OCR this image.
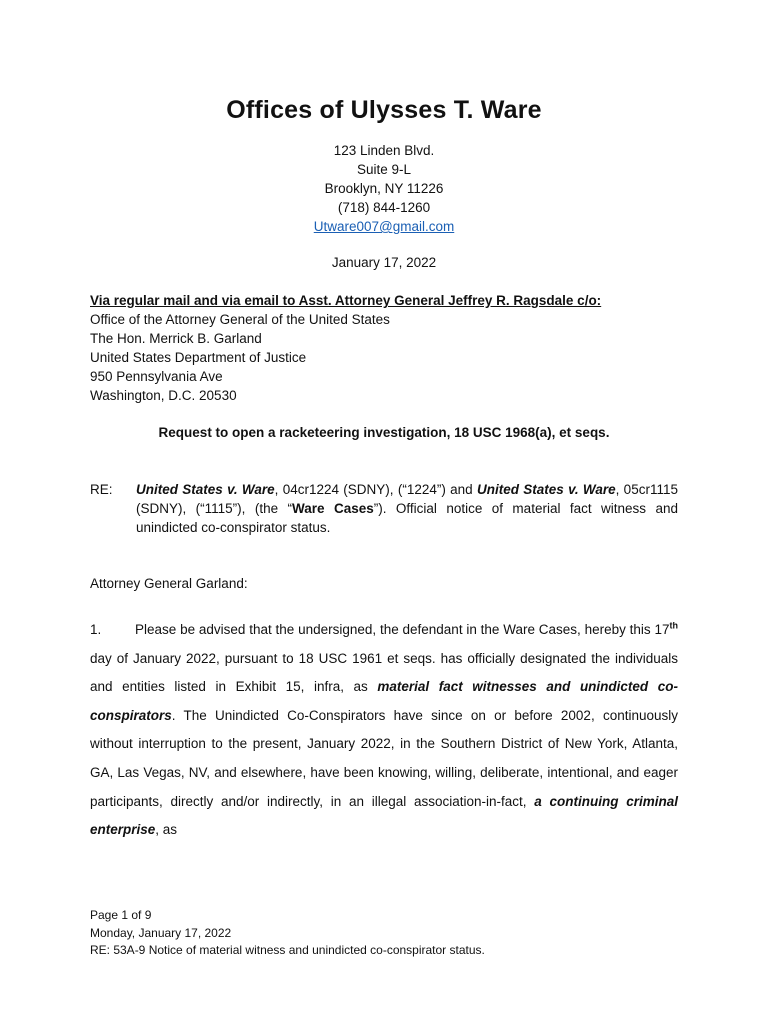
Offices of Ulysses T. Ware
123 Linden Blvd.
Suite 9-L
Brooklyn, NY 11226
(718) 844-1260
Utware007@gmail.com
January 17, 2022
Via regular mail and via email to Asst. Attorney General Jeffrey R. Ragsdale c/o:
Office of the Attorney General of the United States
The Hon. Merrick B. Garland
United States Department of Justice
950 Pennsylvania Ave
Washington, D.C. 20530
Request to open a racketeering investigation, 18 USC 1968(a), et seqs.
RE: United States v. Ware, 04cr1224 (SDNY), (“1224”) and United States v. Ware, 05cr1115 (SDNY), (“1115”), (the “Ware Cases”). Official notice of material fact witness and unindicted co-conspirator status.
Attorney General Garland:
1. Please be advised that the undersigned, the defendant in the Ware Cases, hereby this 17th day of January 2022, pursuant to 18 USC 1961 et seqs. has officially designated the individuals and entities listed in Exhibit 15, infra, as material fact witnesses and unindicted co-conspirators. The Unindicted Co-Conspirators have since on or before 2002, continuously without interruption to the present, January 2022, in the Southern District of New York, Atlanta, GA, Las Vegas, NV, and elsewhere, have been knowing, willing, deliberate, intentional, and eager participants, directly and/or indirectly, in an illegal association-in-fact, a continuing criminal enterprise, as
Page 1 of 9
Monday, January 17, 2022
RE: 53A-9 Notice of material witness and unindicted co-conspirator status.
